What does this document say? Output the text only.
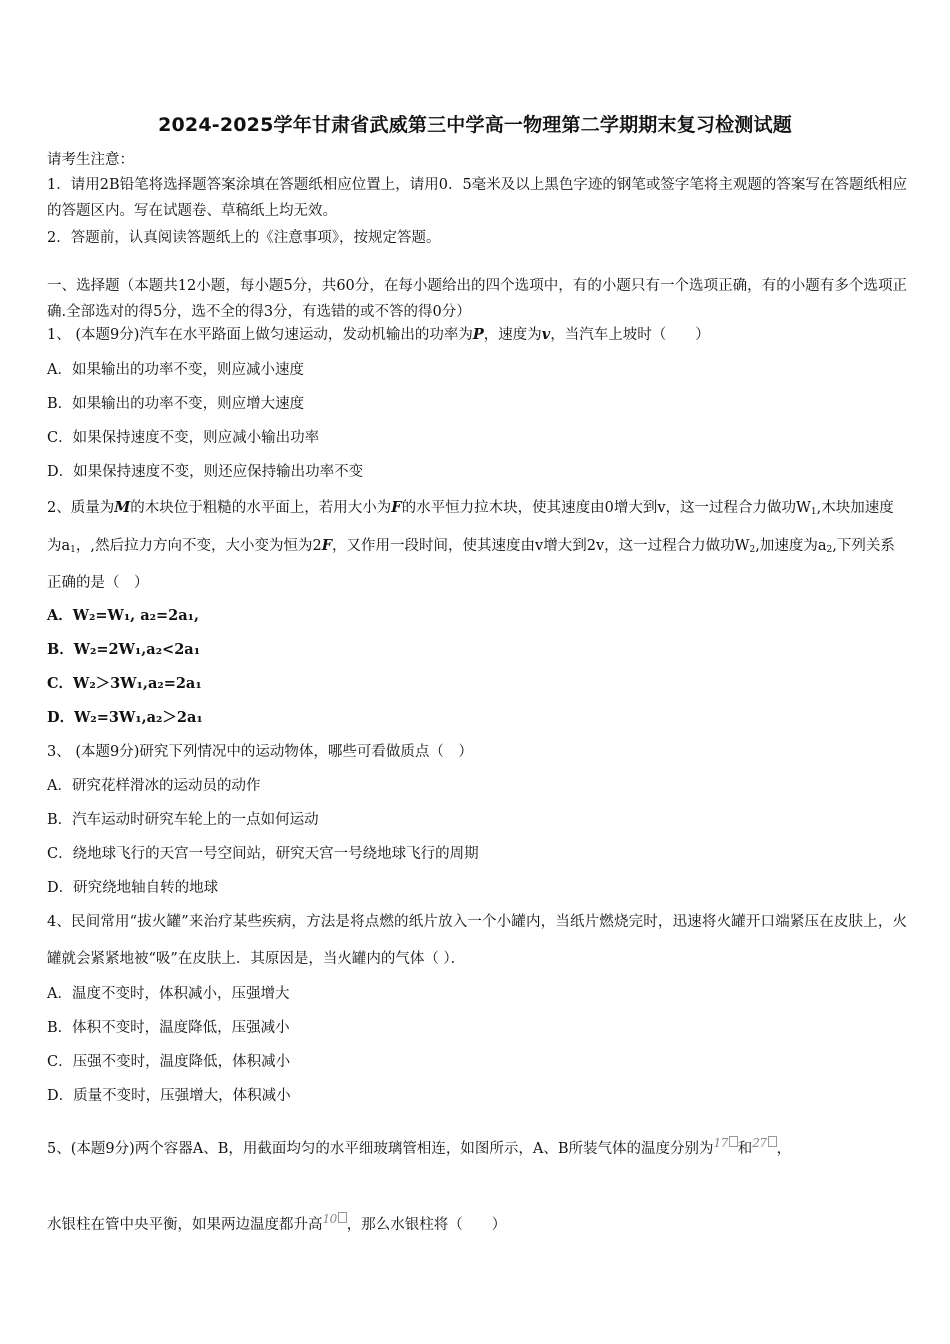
2024-2025学年甘肃省武威第三中学高一物理第二学期期末复习检测试题
请考生注意：
1．请用2B铅笔将选择题答案涂填在答题纸相应位置上，请用0．5毫米及以上黑色字迹的钢笔或签字笔将主观题的答案写在答题纸相应的答题区内。写在试题卷、草稿纸上均无效。
2．答题前，认真阅读答题纸上的《注意事项》，按规定答题。
一、选择题（本题共12小题，每小题5分，共60分，在每小题给出的四个选项中，有的小题只有一个选项正确，有的小题有多个选项正确.全部选对的得5分，选不全的得3分，有选错的或不答的得0分）
1、 (本题9分)汽车在水平路面上做匀速运动，发动机输出的功率为P，速度为v，当汽车上坡时（　　）
A．如果输出的功率不变，则应减小速度
B．如果输出的功率不变，则应增大速度
C．如果保持速度不变，则应减小输出功率
D．如果保持速度不变，则还应保持输出功率不变
2、质量为M的木块位于粗糙的水平面上，若用大小为F的水平恒力拉木块，使其速度由0增大到v，这一过程合力做功$W_1$,木块加速度为$a_1$，,然后拉力方向不变，大小变为恒为2F，又作用一段时间，使其速度由v增大到2v，这一过程合力做功$W_2$,加速度为$a_2$,下列关系正确的是（　）
A．W₂=W₁, a₂=2a₁,
B．W₂=2W₁,a₂<2a₁
C．W₂＞3W₁,a₂=2a₁
D．W₂=3W₁,a₂＞2a₁
3、 (本题9分)研究下列情况中的运动物体，哪些可看做质点（　）
A．研究花样滑冰的运动员的动作
B．汽车运动时研究车轮上的一点如何运动
C．绕地球飞行的天宫一号空间站，研究天宫一号绕地球飞行的周期
D．研究绕地轴自转的地球
4、民间常用“拔火罐”来治疗某些疾病，方法是将点燃的纸片放入一个小罐内，当纸片燃烧完时，迅速将火罐开口端紧压在皮肤上，火罐就会紧紧地被“吸”在皮肤上．其原因是，当火罐内的气体（ ）．
A．温度不变时，体积减小，压强增大
B．体积不变时，温度降低，压强减小
C．压强不变时，温度降低，体积减小
D．质量不变时，压强增大，体积减小
5、(本题9分)两个容器A、B，用截面均匀的水平细玻璃管相连，如图所示，A、B所装气体的温度分别为17 和27 ，
水银柱在管中央平衡，如果两边温度都升高10 ，那么水银柱将（　　）
